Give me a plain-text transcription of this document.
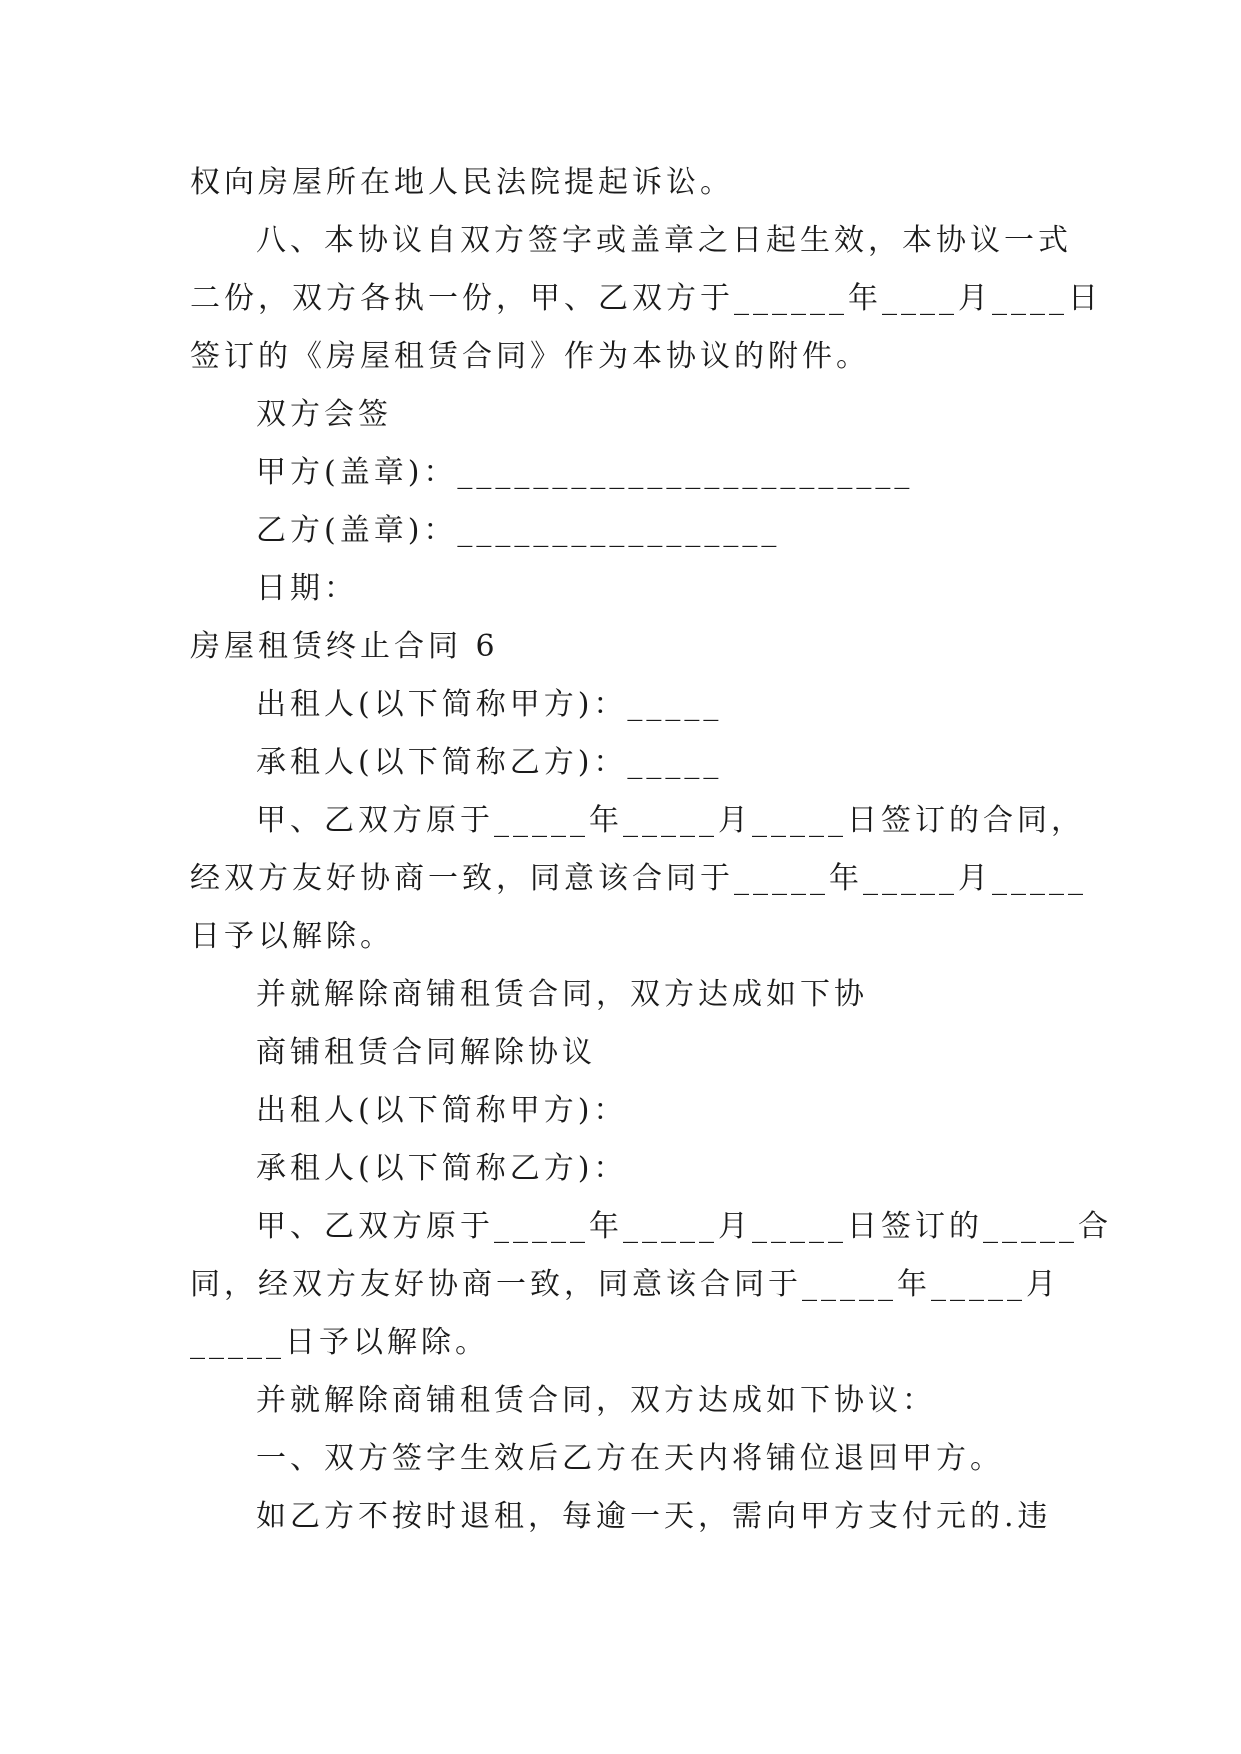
权向房屋所在地人民法院提起诉讼。
八、本协议自双方签字或盖章之日起生效，本协议一式
二份，双方各执一份，甲、乙双方于______年____月____日
签订的《房屋租赁合同》作为本协议的附件。
双方会签
甲方(盖章)：________________________
乙方(盖章)：_________________
日期：
房屋租赁终止合同 6
出租人(以下简称甲方)：_____
承租人(以下简称乙方)：_____
甲、乙双方原于_____年_____月_____日签订的合同，
经双方友好协商一致，同意该合同于_____年_____月_____
日予以解除。
并就解除商铺租赁合同，双方达成如下协
商铺租赁合同解除协议
出租人(以下简称甲方)：
承租人(以下简称乙方)：
甲、乙双方原于_____年_____月_____日签订的_____合
同，经双方友好协商一致，同意该合同于_____年_____月
_____日予以解除。
并就解除商铺租赁合同，双方达成如下协议：
一、双方签字生效后乙方在天内将铺位退回甲方。
如乙方不按时退租，每逾一天，需向甲方支付元的.违
